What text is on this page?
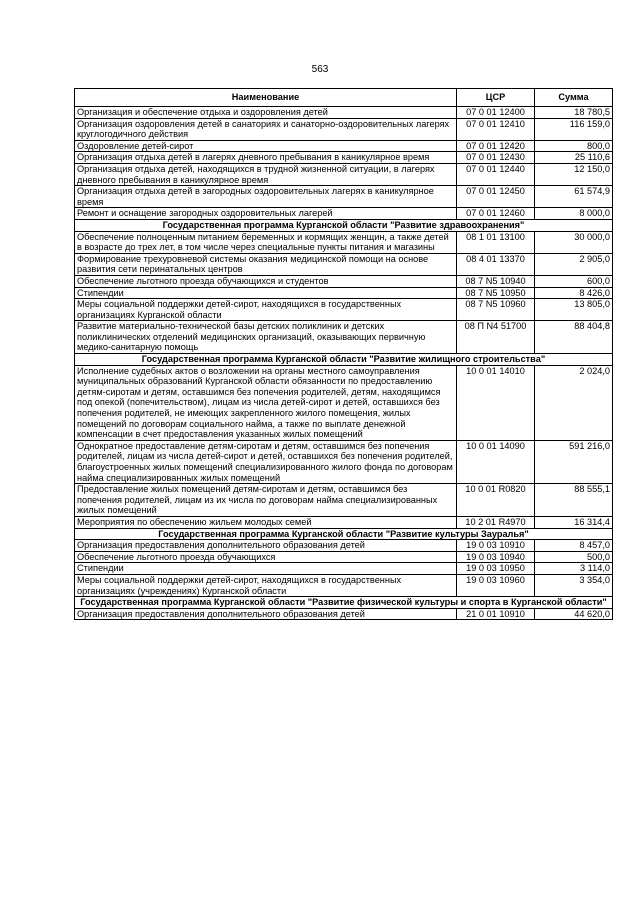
563
Наименование	ЦСР	Сумма
Организация и обеспечение отдыха и оздоровления детей	07 0 01 12400	18 780,5
Организация оздоровления детей в санаториях и санаторно-оздоровительных лагерях круглогодичного действия	07 0 01 12410	116 159,0
Оздоровление детей-сирот	07 0 01 12420	800,0
Организация отдыха детей в лагерях дневного пребывания в каникулярное время	07 0 01 12430	25 110,6
Организация отдыха детей, находящихся в трудной жизненной ситуации, в лагерях дневного пребывания в каникулярное время	07 0 01 12440	12 150,0
Организация отдыха детей в загородных оздоровительных лагерях в каникулярное время	07 0 01 12450	61 574,9
Ремонт и оснащение загородных оздоровительных лагерей	07 0 01 12460	8 000,0
Государственная программа Курганской области "Развитие здравоохранения"		
Обеспечение полноценным питанием беременных и кормящих женщин, а также детей в возрасте до трех лет, в том числе через специальные пункты питания и магазины	08 1 01 13100	30 000,0
Формирование трехуровневой системы оказания медицинской помощи на основе развития сети перинатальных центров	08 4 01 13370	2 905,0
Обеспечение льготного проезда обучающихся и студентов	08 7 N5 10940	600,0
Стипендии	08 7 N5 10950	8 426,0
Меры социальной поддержки детей-сирот, находящихся в государственных организациях Курганской области	08 7 N5 10960	13 805,0
Развитие материально-технической базы детских поликлиник и детских поликлинических отделений медицинских организаций, оказывающих первичную медико-санитарную помощь	08 П N4 51700	88 404,8
Государственная программа Курганской области "Развитие жилищного строительства"		
Исполнение судебных актов о возложении на органы местного самоуправления муниципальных образований Курганской области обязанности по предоставлению детям-сиротам и детям, оставшимся без попечения родителей, детям, находящимся под опекой (попечительством), лицам из числа детей-сирот и детей, оставшихся без попечения родителей, не имеющих закрепленного жилого помещения, жилых помещений по договорам социального найма, а также по выплате денежной компенсации в счет предоставления указанных жилых помещений	10 0 01 14010	2 024,0
Однократное предоставление детям-сиротам и детям, оставшимся без попечения родителей, лицам из числа детей-сирот и детей, оставшихся без попечения родителей, благоустроенных жилых помещений специализированного жилого фонда по договорам найма специализированных жилых помещений	10 0 01 14090	591 216,0
Предоставление жилых помещений детям-сиротам и детям, оставшимся без попечения родителей, лицам из их числа по договорам найма специализированных жилых помещений	10 0 01 R0820	88 555,1
Мероприятия по обеспечению жильем молодых семей	10 2 01 R4970	16 314,4
Государственная программа Курганской области "Развитие культуры Зауралья"		
Организация предоставления дополнительного образования детей	19 0 03 10910	8 457,0
Обеспечение льготного проезда обучающихся	19 0 03 10940	500,0
Стипендии	19 0 03 10950	3 114,0
Меры социальной поддержки детей-сирот, находящихся в государственных организациях (учреждениях) Курганской области	19 0 03 10960	3 354,0
Государственная программа Курганской области "Развитие физической культуры и спорта в Курганской области"		
Организация предоставления дополнительного образования детей	21 0 01 10910	44 620,0
